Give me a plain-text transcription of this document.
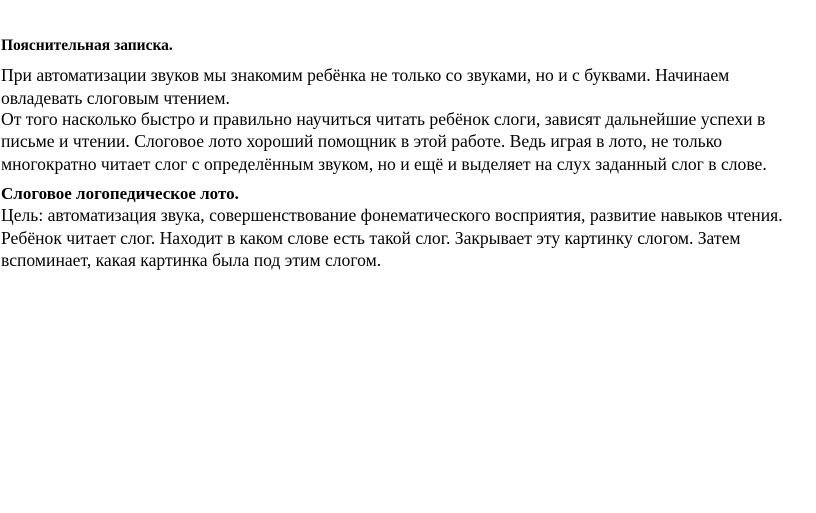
Пояснительная записка.
При автоматизации звуков мы знакомим ребёнка не только со звуками, но и с буквами. Начинаем
овладевать слоговым чтением.
От того насколько быстро и правильно научиться читать ребёнок слоги, зависят дальнейшие успехи в
письме и чтении. Слоговое лото хороший помощник в этой работе. Ведь играя в лото, не только
многократно читает слог с определённым звуком, но и ещё и выделяет на слух заданный слог в слове.
Слоговое логопедическое лото.
Цель: автоматизация звука, совершенствование фонематического восприятия, развитие навыков чтения.
Ребёнок читает слог. Находит в каком слове есть такой слог. Закрывает эту картинку слогом. Затем
вспоминает, какая картинка была под этим слогом.
